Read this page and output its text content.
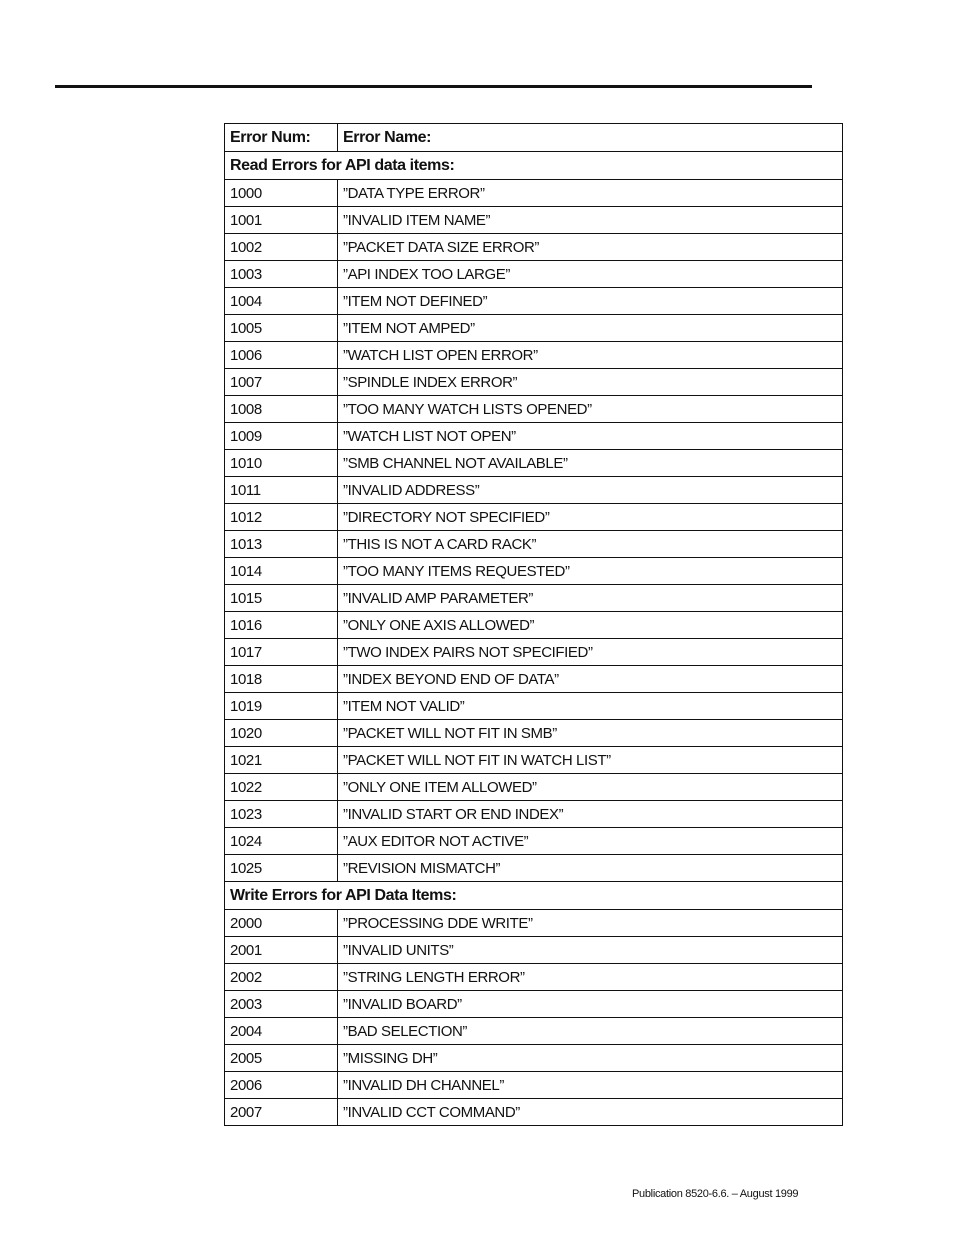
Error Num:	Error Name:
Read Errors for API data items:	
1000	”DATA TYPE ERROR”
1001	”INVALID ITEM NAME”
1002	”PACKET DATA SIZE ERROR”
1003	”API INDEX TOO LARGE”
1004	”ITEM NOT DEFINED”
1005	”ITEM NOT AMPED”
1006	”WATCH LIST OPEN ERROR”
1007	”SPINDLE INDEX ERROR”
1008	”TOO MANY WATCH LISTS OPENED”
1009	”WATCH LIST NOT OPEN”
1010	”SMB CHANNEL NOT AVAILABLE”
1011	”INVALID ADDRESS”
1012	”DIRECTORY NOT SPECIFIED”
1013	”THIS IS NOT A CARD RACK”
1014	”TOO MANY ITEMS REQUESTED”
1015	”INVALID AMP PARAMETER”
1016	”ONLY ONE AXIS ALLOWED”
1017	”TWO INDEX PAIRS NOT SPECIFIED”
1018	”INDEX BEYOND END OF DATA”
1019	”ITEM NOT VALID”
1020	”PACKET WILL NOT FIT IN SMB”
1021	”PACKET WILL NOT FIT IN WATCH LIST”
1022	”ONLY ONE ITEM ALLOWED”
1023	”INVALID START OR END INDEX”
1024	”AUX EDITOR NOT ACTIVE”
1025	”REVISION MISMATCH”
Write Errors for API Data Items:	
2000	”PROCESSING DDE WRITE”
2001	”INVALID UNITS”
2002	”STRING LENGTH ERROR”
2003	”INVALID BOARD”
2004	”BAD SELECTION”
2005	”MISSING DH”
2006	”INVALID DH CHANNEL”
2007	”INVALID CCT COMMAND”
Publication 8520-6.6. – August 1999
